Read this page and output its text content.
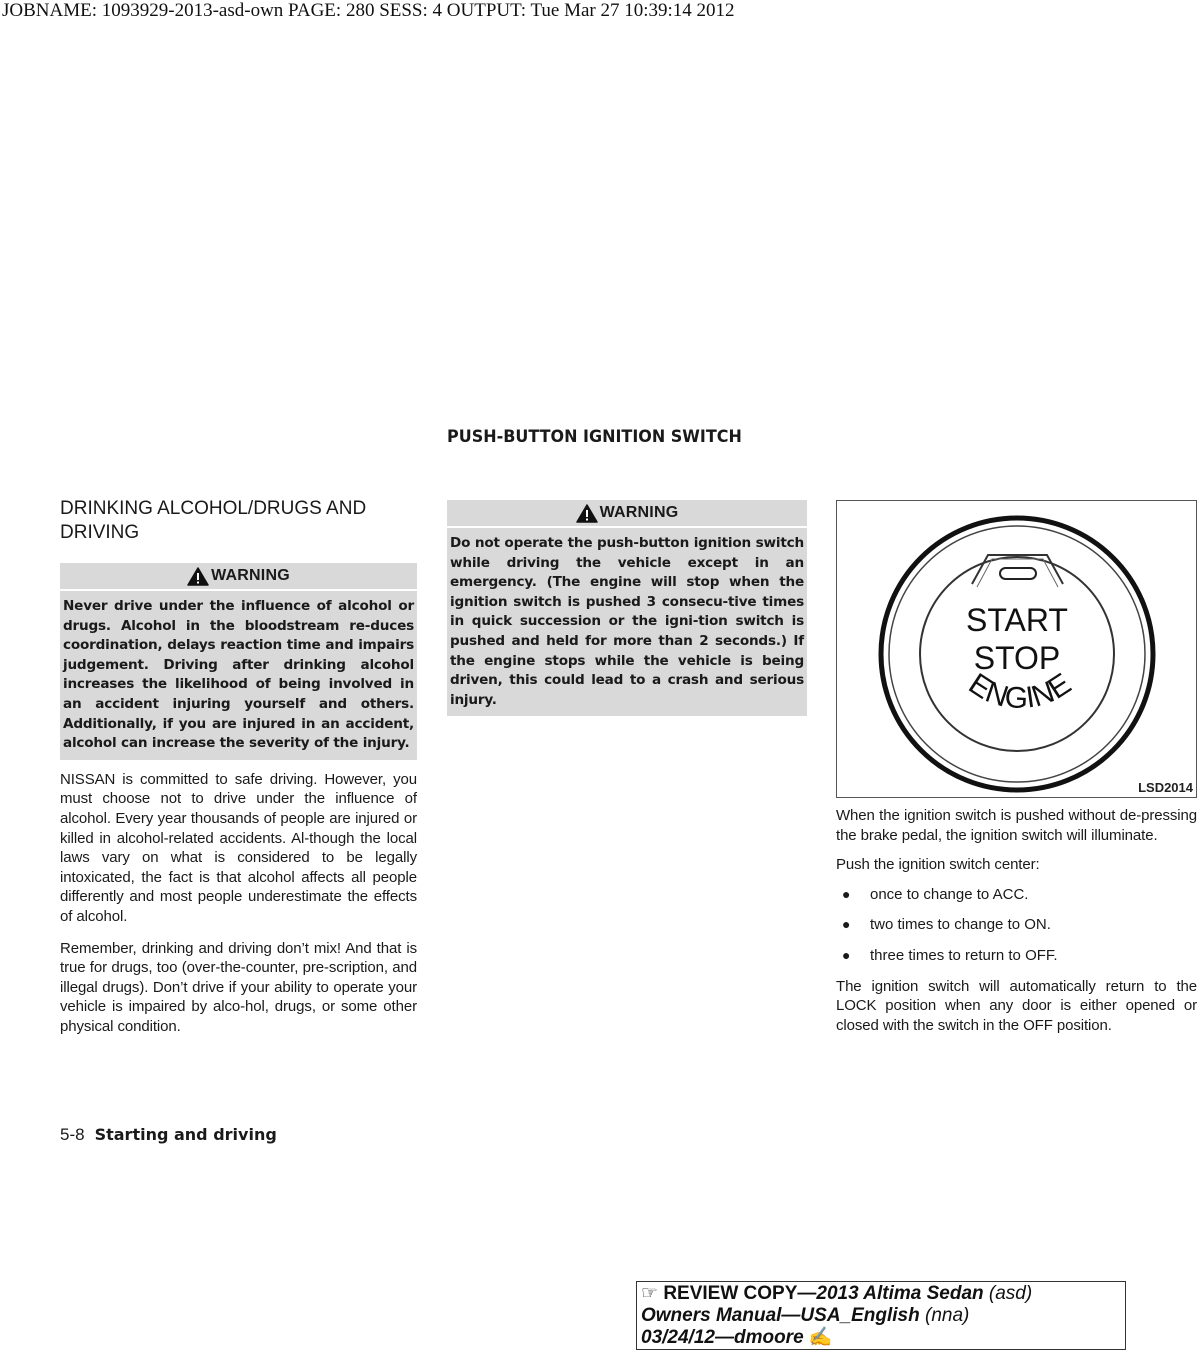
JOBNAME: 1093929-2013-asd-own PAGE: 280 SESS: 4 OUTPUT: Tue Mar 27 10:39:14 2012
PUSH-BUTTON IGNITION SWITCH
DRINKING ALCOHOL/DRUGS AND DRIVING
WARNING
Never drive under the influence of alcohol or drugs. Alcohol in the bloodstream re-duces coordination, delays reaction time and impairs judgement. Driving after drinking alcohol increases the likelihood of being involved in an accident injuring yourself and others. Additionally, if you are injured in an accident, alcohol can increase the severity of the injury.

NISSAN is committed to safe driving. However, you must choose not to drive under the influence of alcohol. Every year thousands of people are injured or killed in alcohol-related accidents. Al-though the local laws vary on what is considered to be legally intoxicated, the fact is that alcohol affects all people differently and most people underestimate the effects of alcohol.

Remember, drinking and driving don’t mix! And that is true for drugs, too (over-the-counter, pre-scription, and illegal drugs). Don’t drive if your ability to operate your vehicle is impaired by alco-hol, drugs, or some other physical condition.

WARNING
Do not operate the push-button ignition switch while driving the vehicle except in an emergency. (The engine will stop when the ignition switch is pushed 3 consecu-tive times in quick succession or the igni-tion switch is pushed and held for more than 2 seconds.) If the engine stops while the vehicle is being driven, this could lead to a crash and serious injury.
START
STOP
ENGINE
LSD2014

When the ignition switch is pushed without de-pressing the brake pedal, the ignition switch will illuminate.

Push the ignition switch center:

● once to change to ACC.
● two times to change to ON.
● three times to return to OFF.

The ignition switch will automatically return to the LOCK position when any door is either opened or closed with the switch in the OFF position.

5-8 Starting and driving
☞ REVIEW COPY—2013 Altima Sedan (asd)
Owners Manual—USA_English (nna)
03/24/12—dmoore ✍
